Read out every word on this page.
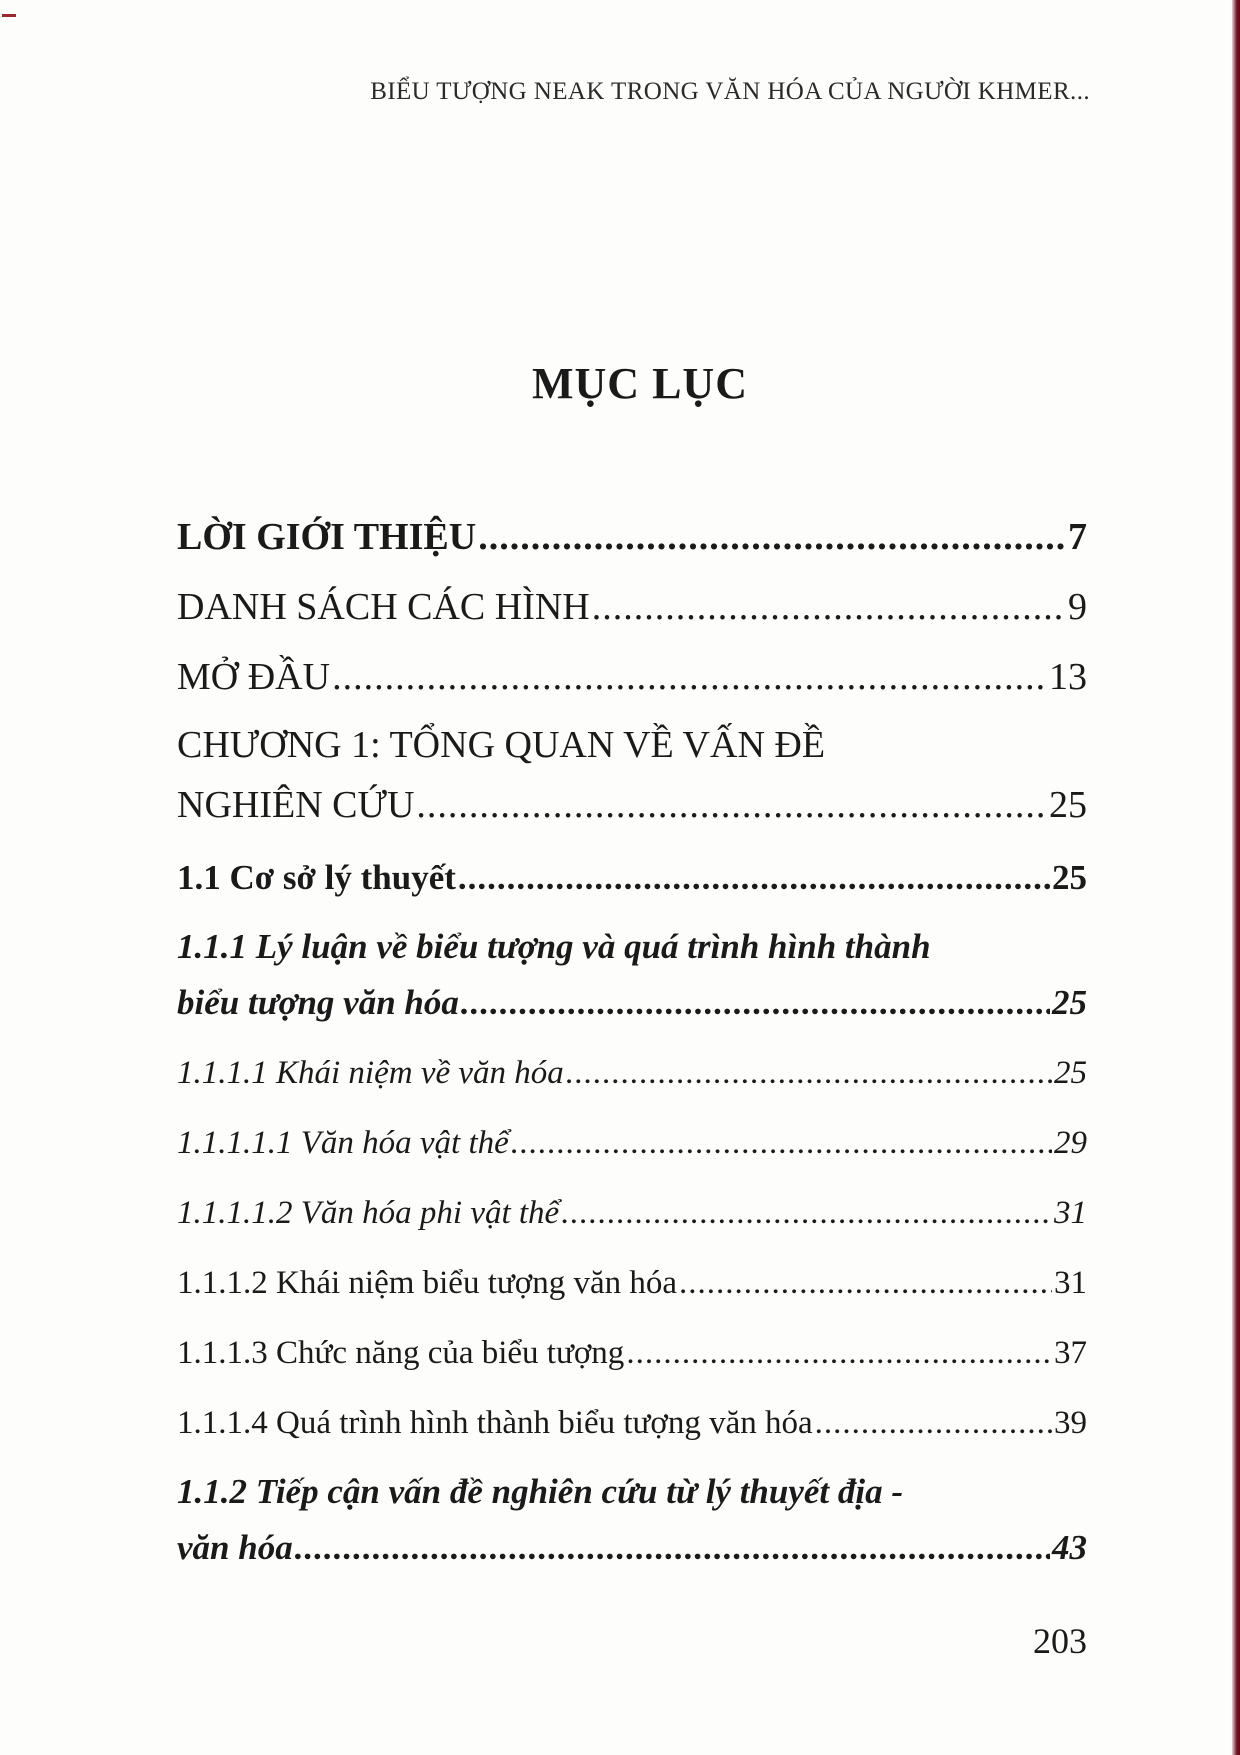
BIỂU TƯỢNG NEAK TRONG VĂN HÓA CỦA NGƯỜI KHMER...
MỤC LỤC
LỜI GIỚI THIỆU .....	7
DANH SÁCH CÁC HÌNH .....	9
MỞ ĐẦU .....	13
CHƯƠNG 1: TỔNG QUAN VỀ VẤN ĐỀ
NGHIÊN CỨU .....	25
1.1 Cơ sở lý thuyết .....	25
1.1.1 Lý luận về biểu tượng và quá trình hình thành
biểu tượng văn hóa .....	25
1.1.1.1 Khái niệm về văn hóa .....	25
1.1.1.1.1 Văn hóa vật thể .....	29
1.1.1.1.2 Văn hóa phi vật thể .....	31
1.1.1.2 Khái niệm biểu tượng văn hóa .....	31
1.1.1.3 Chức năng của biểu tượng .....	37
1.1.1.4 Quá trình hình thành biểu tượng văn hóa .....	39
1.1.2 Tiếp cận vấn đề nghiên cứu từ lý thuyết địa -
văn hóa .....	43
203
